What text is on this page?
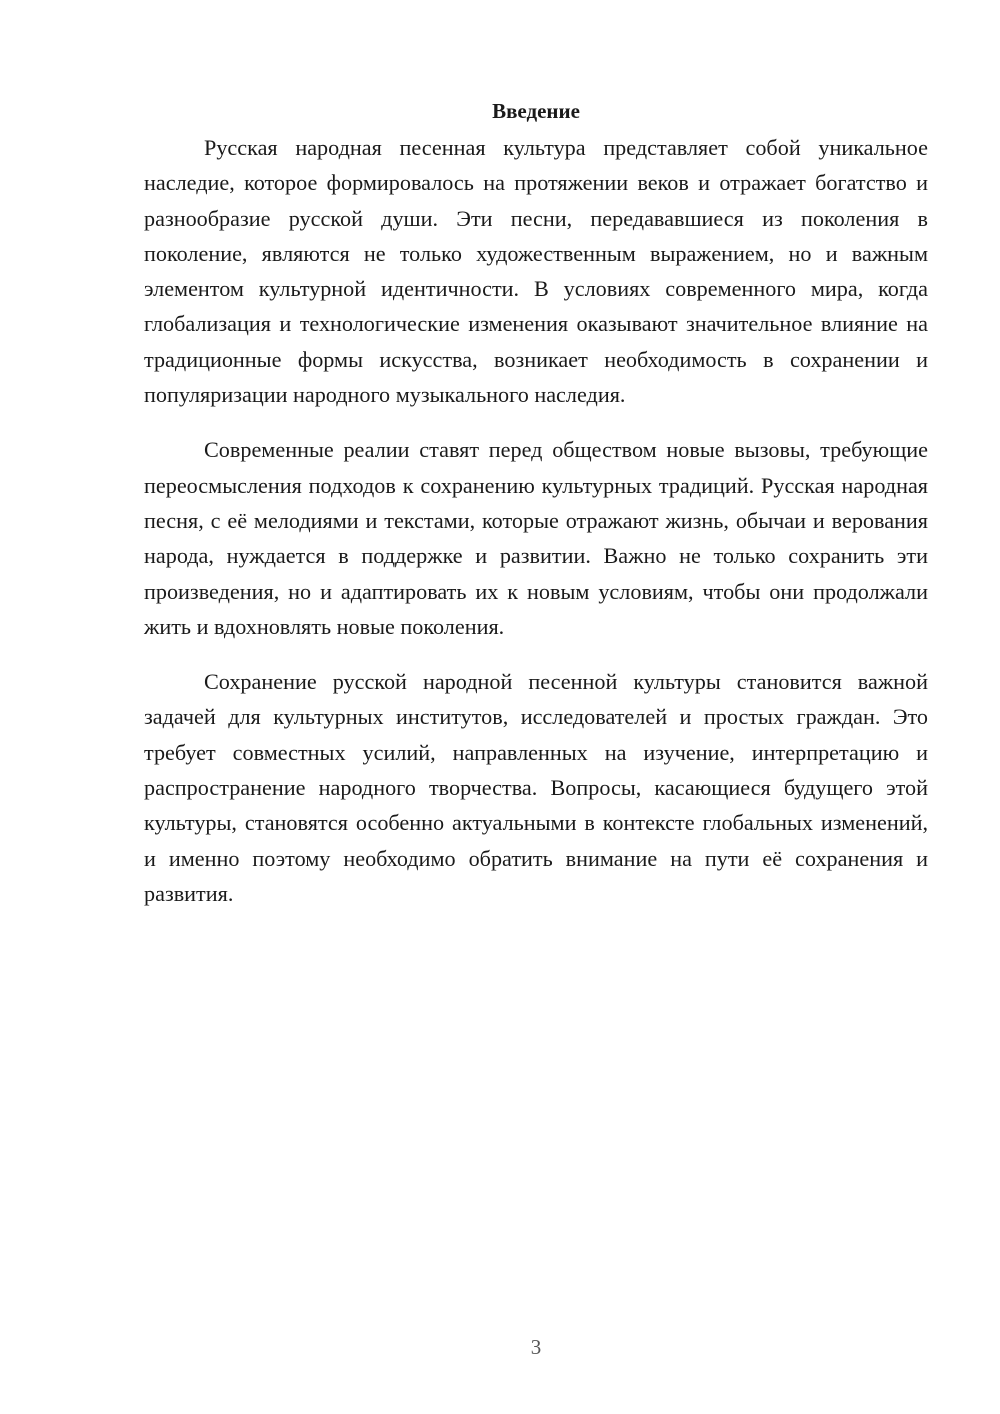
Введение

Русская народная песенная культура представляет собой уникальное наследие, которое формировалось на протяжении веков и отражает богатство и разнообразие русской души. Эти песни, передававшиеся из поколения в поколение, являются не только художественным выражением, но и важным элементом культурной идентичности. В условиях современного мира, когда глобализация и технологические изменения оказывают значительное влияние на традиционные формы искусства, возникает необходимость в сохранении и популяризации народного музыкального наследия.

Современные реалии ставят перед обществом новые вызовы, требующие переосмысления подходов к сохранению культурных традиций. Русская народная песня, с её мелодиями и текстами, которые отражают жизнь, обычаи и верования народа, нуждается в поддержке и развитии. Важно не только сохранить эти произведения, но и адаптировать их к новым условиям, чтобы они продолжали жить и вдохновлять новые поколения.

Сохранение русской народной песенной культуры становится важной задачей для культурных институтов, исследователей и простых граждан. Это требует совместных усилий, направленных на изучение, интерпретацию и распространение народного творчества. Вопросы, касающиеся будущего этой культуры, становятся особенно актуальными в контексте глобальных изменений, и именно поэтому необходимо обратить внимание на пути её сохранения и развития.

3
